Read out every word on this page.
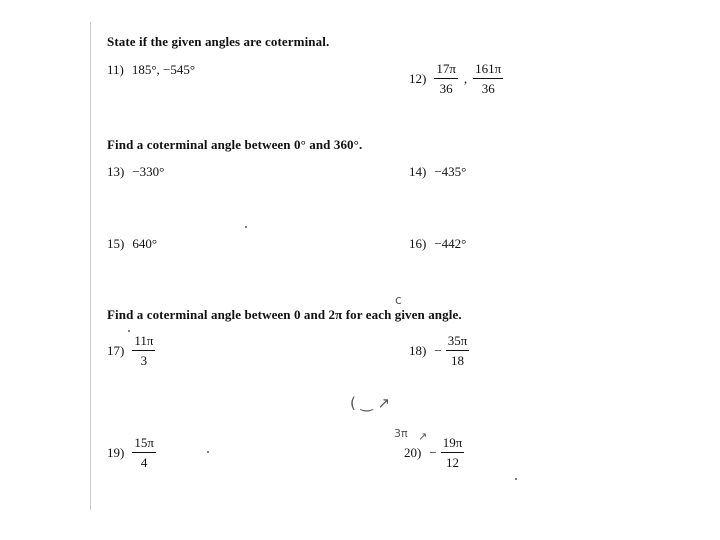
State if the given angles are coterminal.
11) 185°, −545°
$12) \frac{17\pi}{36}$ , $\frac{161\pi}{36}$
Find a coterminal angle between 0° and 360°.
13) −330°	14) −435°
15) 640°	16) −442°
c
Find a coterminal angle between 0 and 2π for each given angle.
$17) \frac{11\pi}{3}$	$18) - \frac{35\pi}{18}$
( ‿ ↗
3π ↗
$19) \frac{15\pi}{4}$	$20) - \frac{19\pi}{12}$
